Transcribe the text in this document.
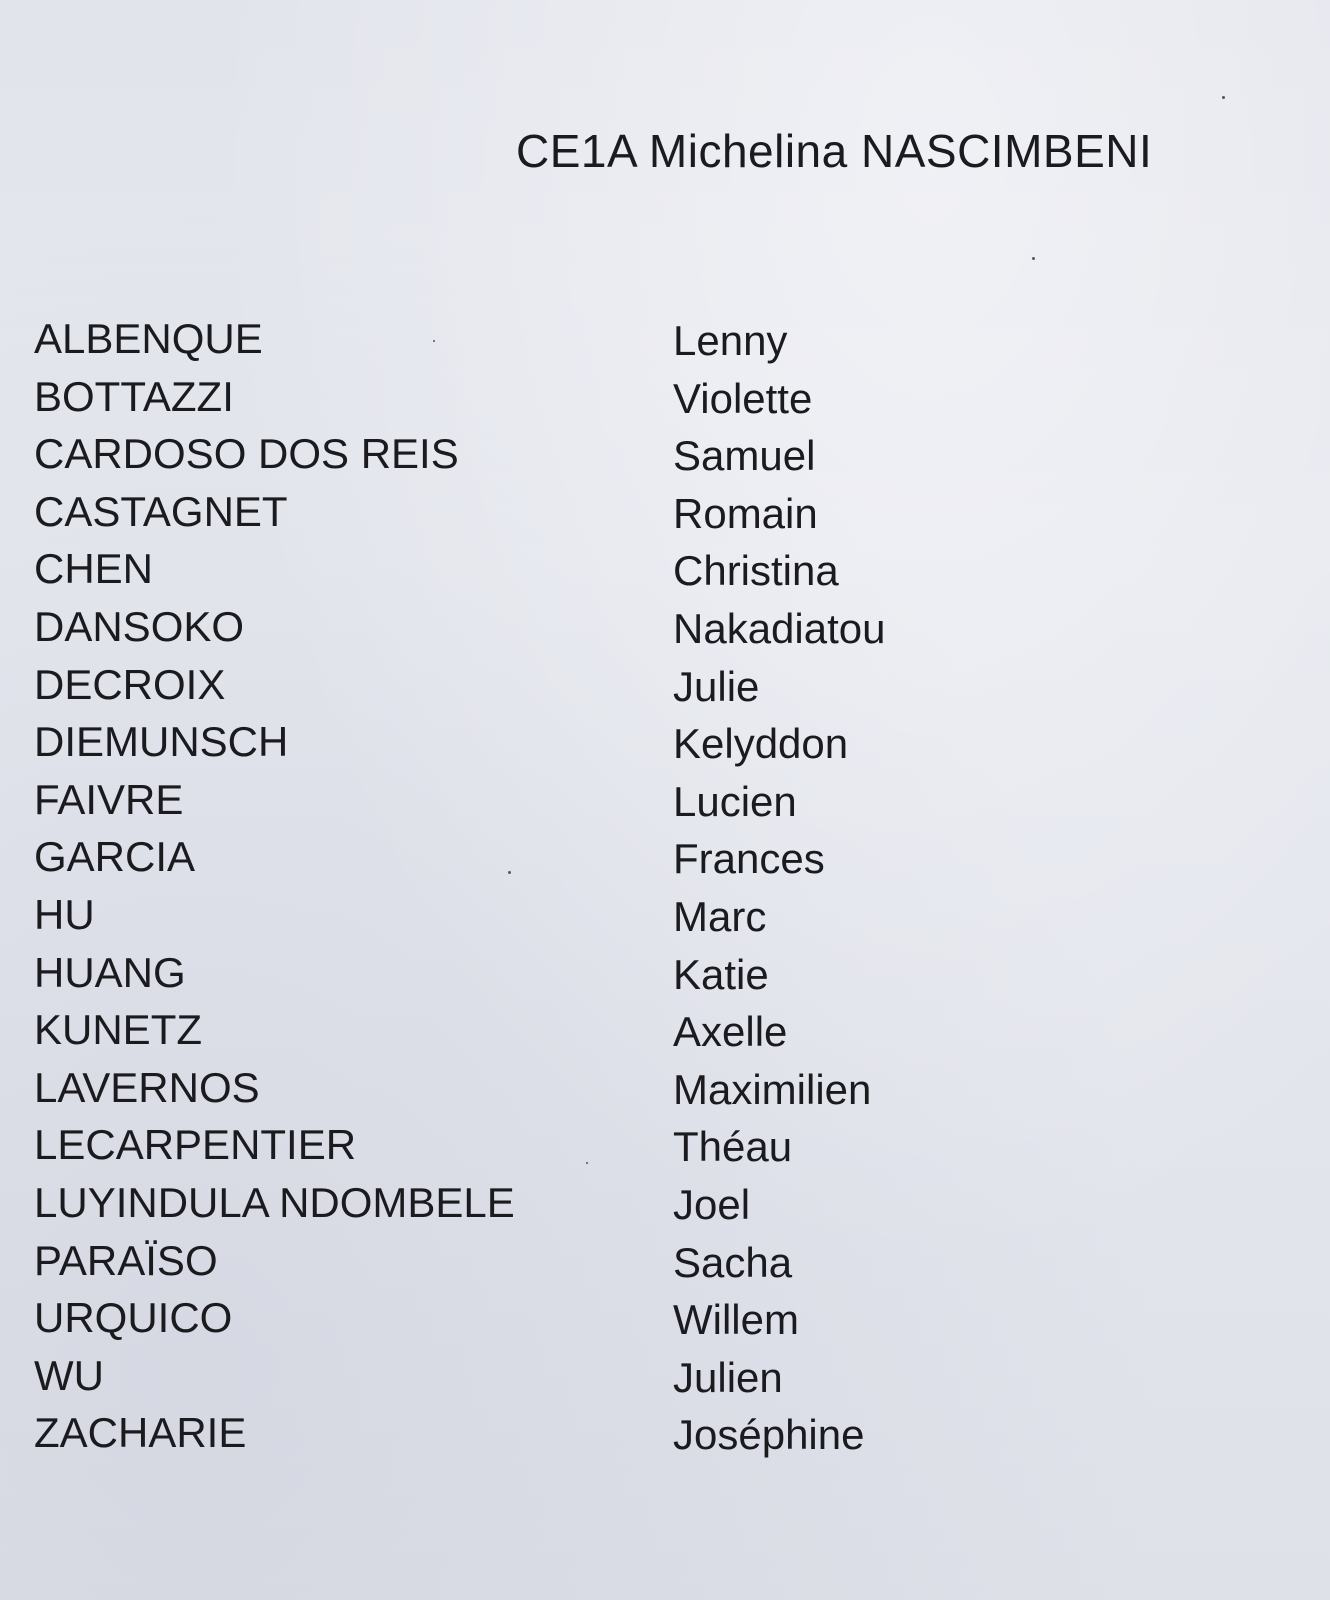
CE1A Michelina NASCIMBENI
ALBENQUE	Lenny
BOTTAZZI	Violette
CARDOSO DOS REIS	Samuel
CASTAGNET	Romain
CHEN	Christina
DANSOKO	Nakadiatou
DECROIX	Julie
DIEMUNSCH	Kelyddon
FAIVRE	Lucien
GARCIA	Frances
HU	Marc
HUANG	Katie
KUNETZ	Axelle
LAVERNOS	Maximilien
LECARPENTIER	Théau
LUYINDULA NDOMBELE	Joel
PARAÏSO	Sacha
URQUICO	Willem
WU	Julien
ZACHARIE	Joséphine
